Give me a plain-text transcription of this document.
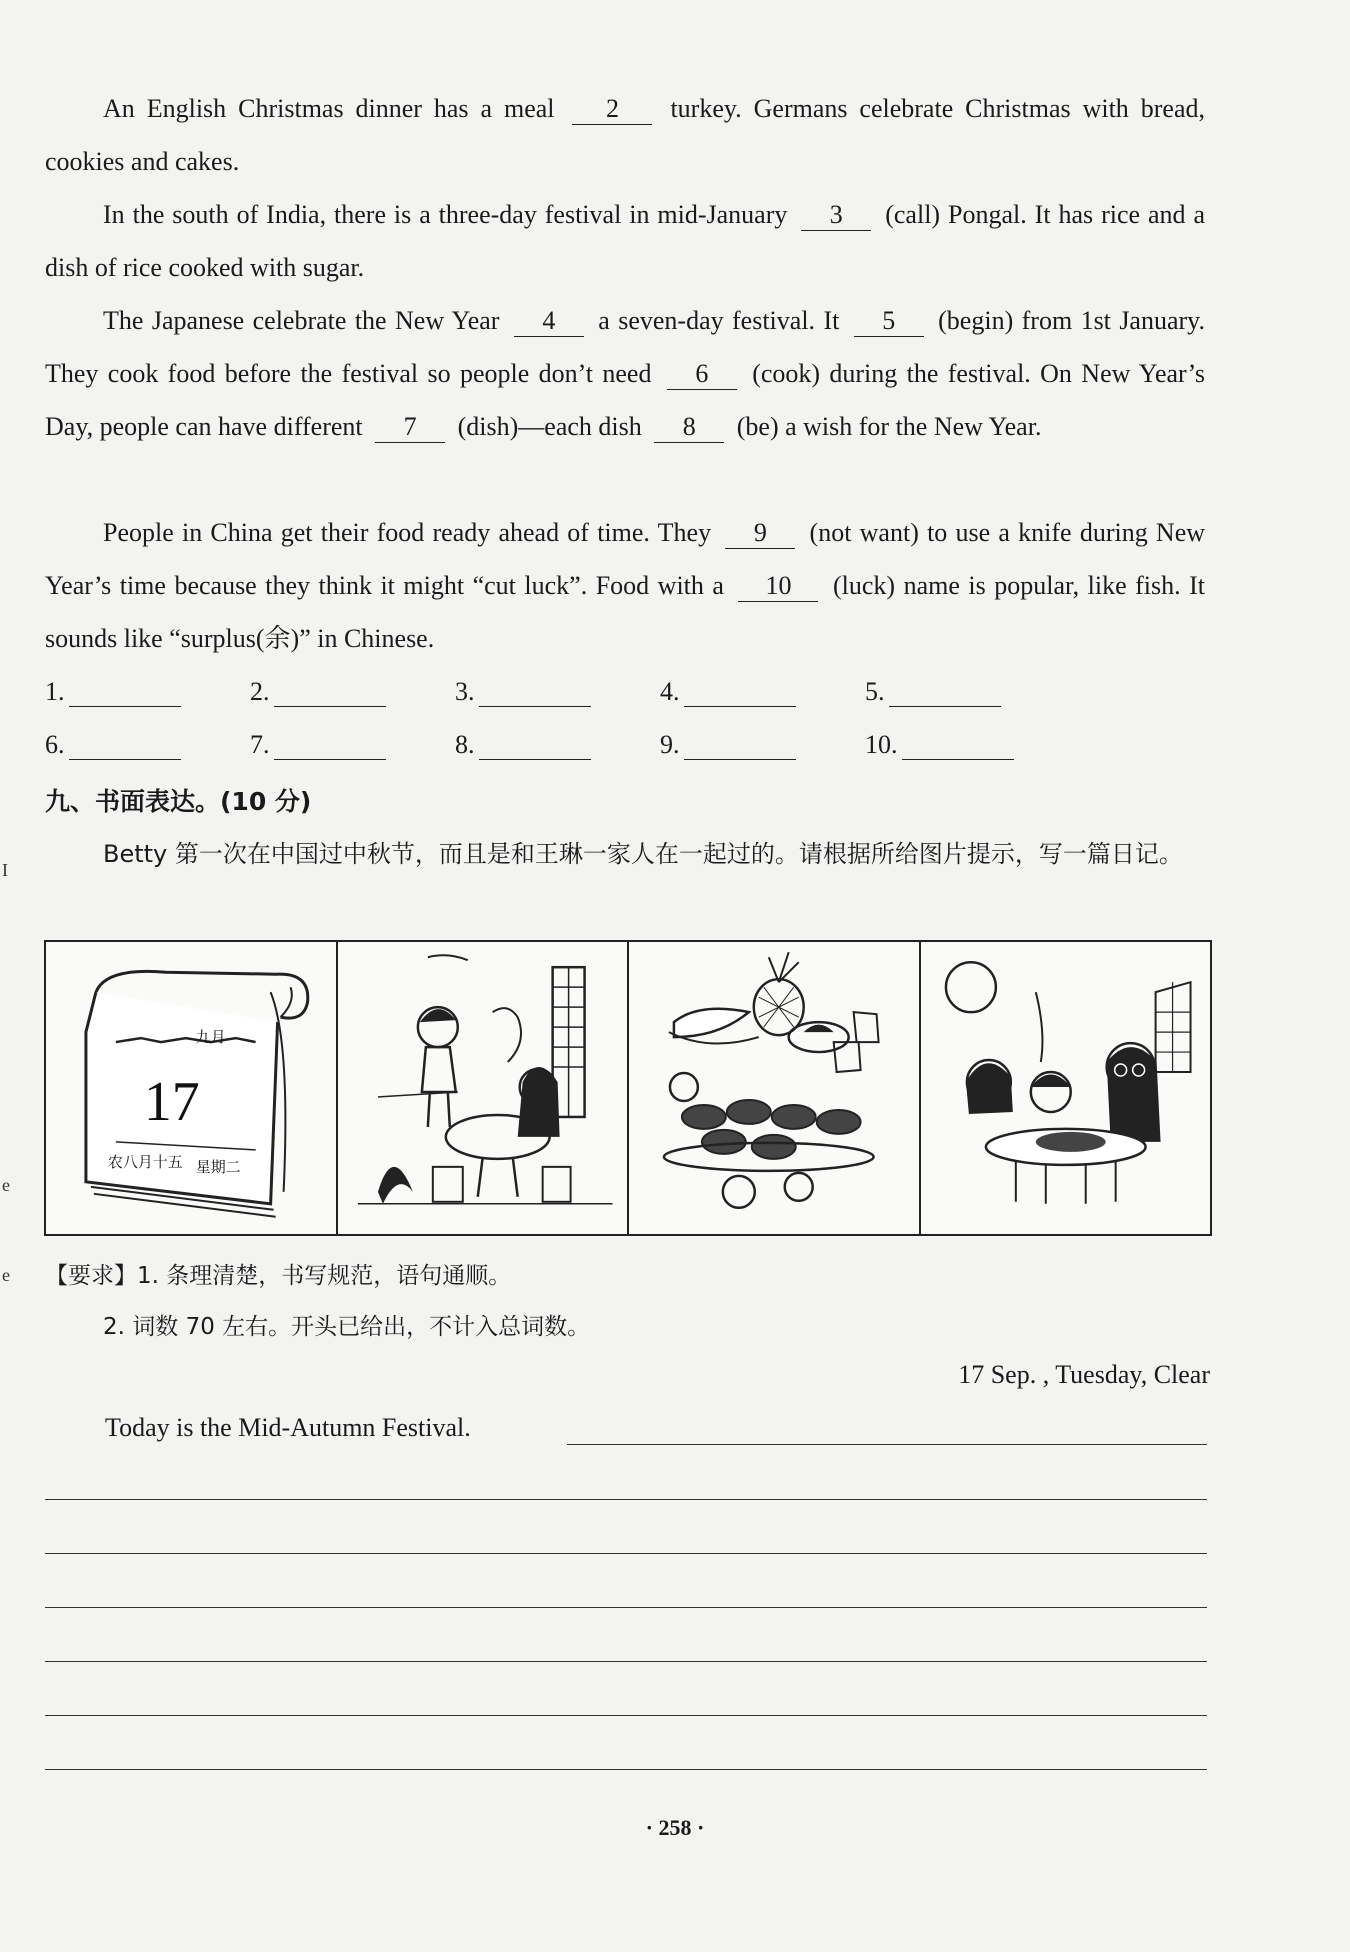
I
e
e
An English Christmas dinner has a meal 2 turkey. Germans celebrate Christmas with bread, cookies and cakes.
In the south of India, there is a three-day festival in mid-January 3 (call) Pongal. It has rice and a dish of rice cooked with sugar.
The Japanese celebrate the New Year 4 a seven-day festival. It 5 (begin) from 1st January. They cook food before the festival so people don’t need 6 (cook) during the festival. On New Year’s Day, people can have different 7 (dish)—each dish 8 (be) a wish for the New Year.
People in China get their food ready ahead of time. They 9 (not want) to use a knife during New Year’s time because they think it might “cut luck”. Food with a 10 (luck) name is popular, like fish. It sounds like “surplus(余)” in Chinese.
1.	2.	3.	4.	5.
6.	7.	8.	9.	10.
九、书面表达。(10 分)
Betty 第一次在中国过中秋节，而且是和王琳一家人在一起过的。请根据所给图片提示，写一篇日记。
九月
17
农八月十五 星期二
【要求】1. 条理清楚，书写规范，语句通顺。
2. 词数 70 左右。开头已给出，不计入总词数。
17 Sep. , Tuesday, Clear
Today is the Mid-Autumn Festival.
· 258 ·
